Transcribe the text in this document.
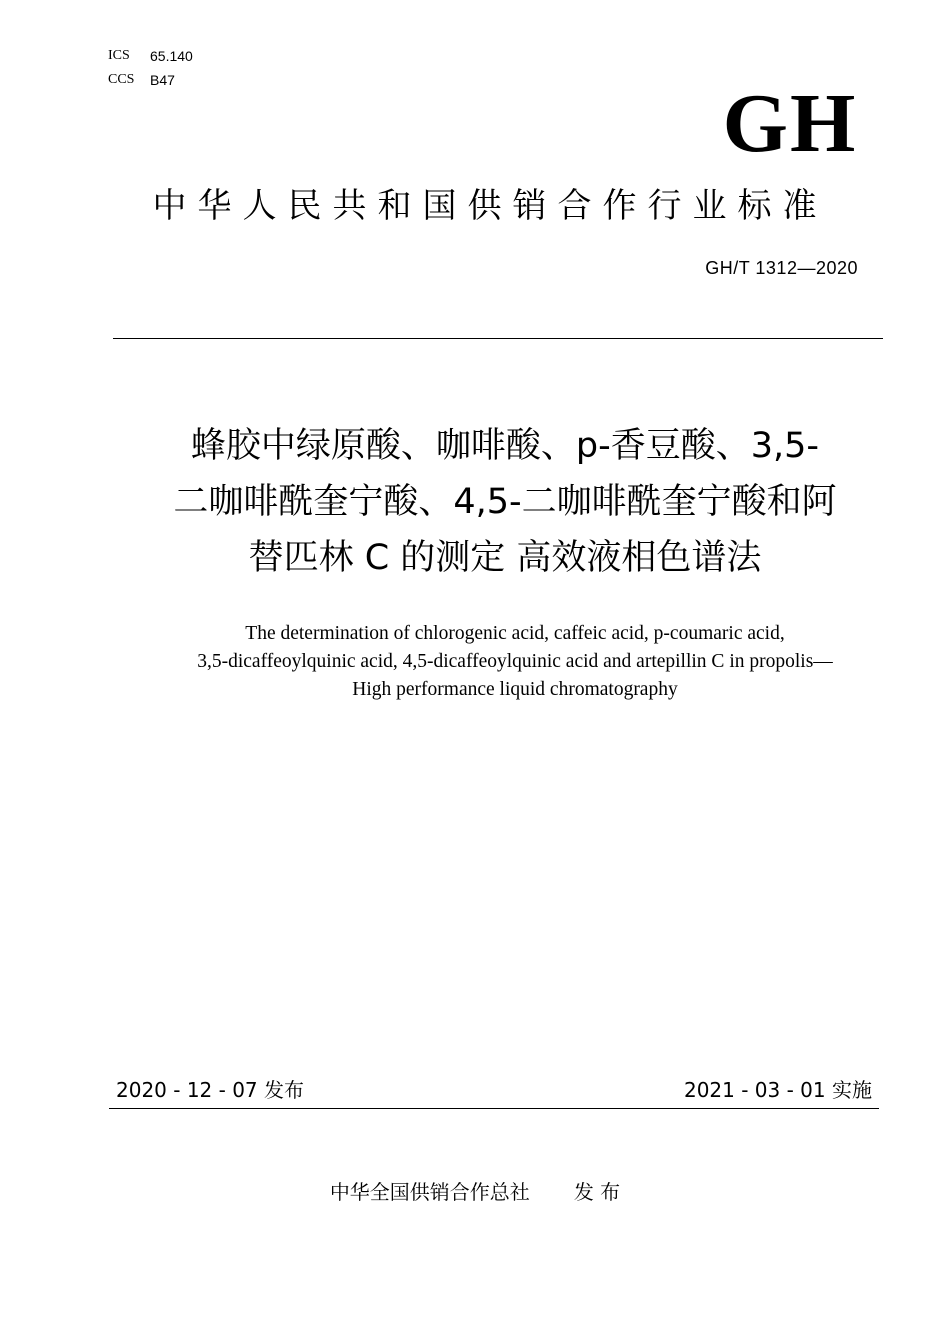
ICS	65.140
CCS	B47	GH
中华人民共和国供销合作行业标准
GH/T 1312—2020
蜂胶中绿原酸、咖啡酸、p-香豆酸、3,5-
二咖啡酰奎宁酸、4,5-二咖啡酰奎宁酸和阿
替匹林 C 的测定 高效液相色谱法
The determination of chlorogenic acid, caffeic acid, p-coumaric acid,
3,5-dicaffeoylquinic acid, 4,5-dicaffeoylquinic acid and artepillin C in propolis—
High performance liquid chromatography
2020 - 12 - 07 发布	2021 - 03 - 01 实施
中华全国供销合作总社 发 布
